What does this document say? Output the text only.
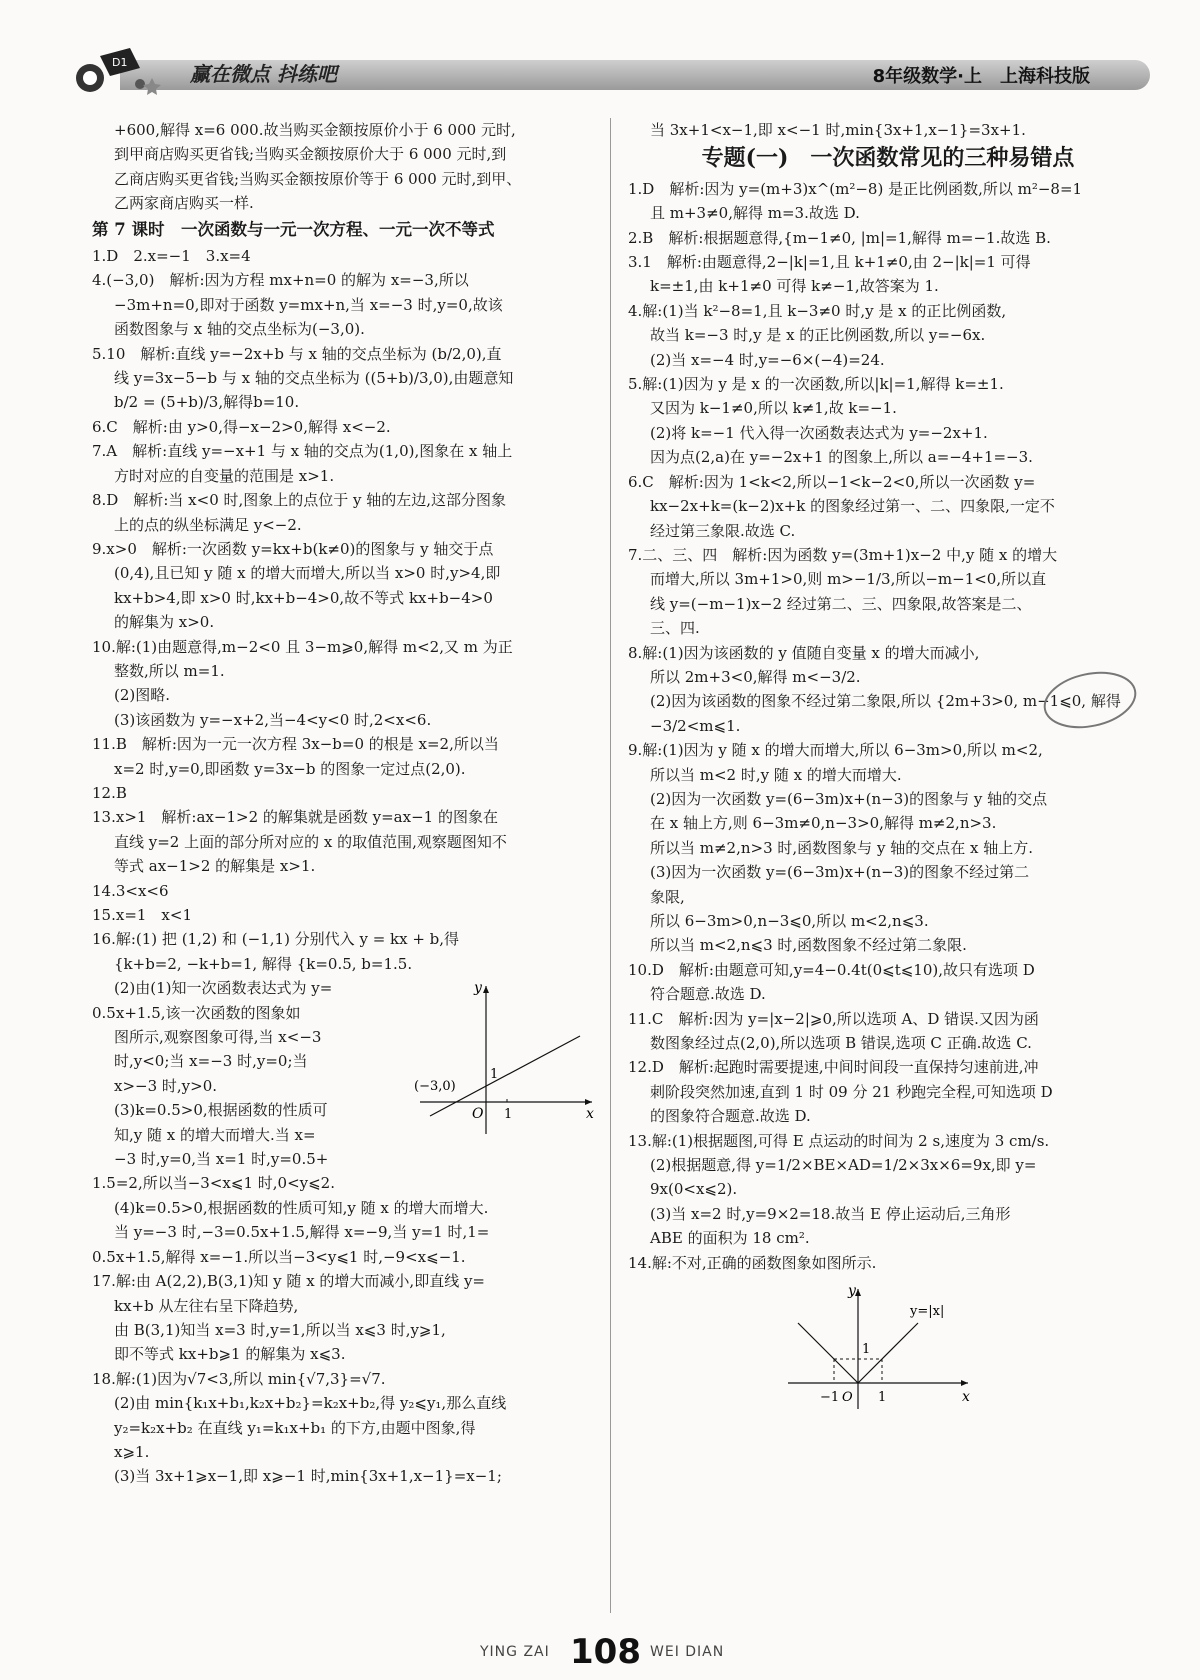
D1	赢在微点 抖练吧	8年级数学·上　上海科技版
+600,解得 x=6 000.故当购买金额按原价小于 6 000 元时,
到甲商店购买更省钱;当购买金额按原价大于 6 000 元时,到
乙商店购买更省钱;当购买金额按原价等于 6 000 元时,到甲、
乙两家商店购买一样.
第 7 课时　一次函数与一元一次方程、一元一次不等式
1.D　2.x=−1　3.x=4
4.(−3,0)　解析:因为方程 mx+n=0 的解为 x=−3,所以
−3m+n=0,即对于函数 y=mx+n,当 x=−3 时,y=0,故该
函数图象与 x 轴的交点坐标为(−3,0).
5.10　解析:直线 y=−2x+b 与 x 轴的交点坐标为 (b/2,0),直
线 y=3x−5−b 与 x 轴的交点坐标为 ((5+b)/3,0),由题意知
b/2 = (5+b)/3,解得b=10.
6.C　解析:由 y>0,得−x−2>0,解得 x<−2.
7.A　解析:直线 y=−x+1 与 x 轴的交点为(1,0),图象在 x 轴上
方时对应的自变量的范围是 x>1.
8.D　解析:当 x<0 时,图象上的点位于 y 轴的左边,这部分图象
上的点的纵坐标满足 y<−2.
9.x>0　解析:一次函数 y=kx+b(k≠0)的图象与 y 轴交于点
(0,4),且已知 y 随 x 的增大而增大,所以当 x>0 时,y>4,即
kx+b>4,即 x>0 时,kx+b−4>0,故不等式 kx+b−4>0
的解集为 x>0.
10.解:(1)由题意得,m−2<0 且 3−m⩾0,解得 m<2,又 m 为正
整数,所以 m=1.
(2)图略.
(3)该函数为 y=−x+2,当−4<y<0 时,2<x<6.
11.B　解析:因为一元一次方程 3x−b=0 的根是 x=2,所以当
x=2 时,y=0,即函数 y=3x−b 的图象一定过点(2,0).
12.B
13.x>1　解析:ax−1>2 的解集就是函数 y=ax−1 的图象在
直线 y=2 上面的部分所对应的 x 的取值范围,观察题图知不
等式 ax−1>2 的解集是 x>1.
14.3<x<6
15.x=1　x<1
16.解:(1) 把 (1,2) 和 (−1,1) 分别代入 y = kx + b,得
{k+b=2, −k+b=1, 解得 {k=0.5, b=1.5.
x
y
O 1
1
(−3,0)
(2)由(1)知一次函数表达式为 y=
0.5x+1.5,该一次函数的图象如
图所示,观察图象可得,当 x<−3
时,y<0;当 x=−3 时,y=0;当
x>−3 时,y>0.
(3)k=0.5>0,根据函数的性质可
知,y 随 x 的增大而增大.当 x=
−3 时,y=0,当 x=1 时,y=0.5+
1.5=2,所以当−3<x⩽1 时,0<y⩽2.
(4)k=0.5>0,根据函数的性质可知,y 随 x 的增大而增大.
当 y=−3 时,−3=0.5x+1.5,解得 x=−9,当 y=1 时,1=
0.5x+1.5,解得 x=−1.所以当−3<y⩽1 时,−9<x⩽−1.
17.解:由 A(2,2),B(3,1)知 y 随 x 的增大而减小,即直线 y=
kx+b 从左往右呈下降趋势,
由 B(3,1)知当 x=3 时,y=1,所以当 x⩽3 时,y⩾1,
即不等式 kx+b⩾1 的解集为 x⩽3.
18.解:(1)因为√7<3,所以 min{√7,3}=√7.
(2)由 min{k₁x+b₁,k₂x+b₂}=k₂x+b₂,得 y₂⩽y₁,那么直线
y₂=k₂x+b₂ 在直线 y₁=k₁x+b₁ 的下方,由题中图象,得
x⩾1.
(3)当 3x+1⩾x−1,即 x⩾−1 时,min{3x+1,x−1}=x−1;
当 3x+1<x−1,即 x<−1 时,min{3x+1,x−1}=3x+1.
专题(一)　一次函数常见的三种易错点
1.D　解析:因为 y=(m+3)x^(m²−8) 是正比例函数,所以 m²−8=1
且 m+3≠0,解得 m=3.故选 D.
2.B　解析:根据题意得,{m−1≠0, |m|=1,解得 m=−1.故选 B.
3.1　解析:由题意得,2−|k|=1,且 k+1≠0,由 2−|k|=1 可得
k=±1,由 k+1≠0 可得 k≠−1,故答案为 1.
4.解:(1)当 k²−8=1,且 k−3≠0 时,y 是 x 的正比例函数,
故当 k=−3 时,y 是 x 的正比例函数,所以 y=−6x.
(2)当 x=−4 时,y=−6×(−4)=24.
5.解:(1)因为 y 是 x 的一次函数,所以|k|=1,解得 k=±1.
又因为 k−1≠0,所以 k≠1,故 k=−1.
(2)将 k=−1 代入得一次函数表达式为 y=−2x+1.
因为点(2,a)在 y=−2x+1 的图象上,所以 a=−4+1=−3.
6.C　解析:因为 1<k<2,所以−1<k−2<0,所以一次函数 y=
kx−2x+k=(k−2)x+k 的图象经过第一、二、四象限,一定不
经过第三象限.故选 C.
7.二、三、四　解析:因为函数 y=(3m+1)x−2 中,y 随 x 的增大
而增大,所以 3m+1>0,则 m>−1/3,所以−m−1<0,所以直
线 y=(−m−1)x−2 经过第二、三、四象限,故答案是二、
三、四.
8.解:(1)因为该函数的 y 值随自变量 x 的增大而减小,
所以 2m+3<0,解得 m<−3/2.
(2)因为该函数的图象不经过第二象限,所以 {2m+3>0, m−1⩽0, 解得
−3/2<m⩽1.
9.解:(1)因为 y 随 x 的增大而增大,所以 6−3m>0,所以 m<2,
所以当 m<2 时,y 随 x 的增大而增大.
(2)因为一次函数 y=(6−3m)x+(n−3)的图象与 y 轴的交点
在 x 轴上方,则 6−3m≠0,n−3>0,解得 m≠2,n>3.
所以当 m≠2,n>3 时,函数图象与 y 轴的交点在 x 轴上方.
(3)因为一次函数 y=(6−3m)x+(n−3)的图象不经过第二
象限,
所以 6−3m>0,n−3⩽0,所以 m<2,n⩽3.
所以当 m<2,n⩽3 时,函数图象不经过第二象限.
10.D　解析:由题意可知,y=4−0.4t(0⩽t⩽10),故只有选项 D
符合题意.故选 D.
11.C　解析:因为 y=|x−2|⩾0,所以选项 A、D 错误.又因为函
数图象经过点(2,0),所以选项 B 错误,选项 C 正确.故选 C.
12.D　解析:起跑时需要提速,中间时间段一直保持匀速前进,冲
刺阶段突然加速,直到 1 时 09 分 21 秒跑完全程,可知选项 D
的图象符合题意.故选 D.
13.解:(1)根据题图,可得 E 点运动的时间为 2 s,速度为 3 cm/s.
(2)根据题意,得 y=1/2×BE×AD=1/2×3x×6=9x,即 y=
9x(0<x⩽2).
(3)当 x=2 时,y=9×2=18.故当 E 停止运动后,三角形
ABE 的面积为 18 cm².
14.解:不对,正确的函数图象如图所示.
x
y
y=|x|
−1 O 1
1
YING ZAI 108 WEI DIAN
